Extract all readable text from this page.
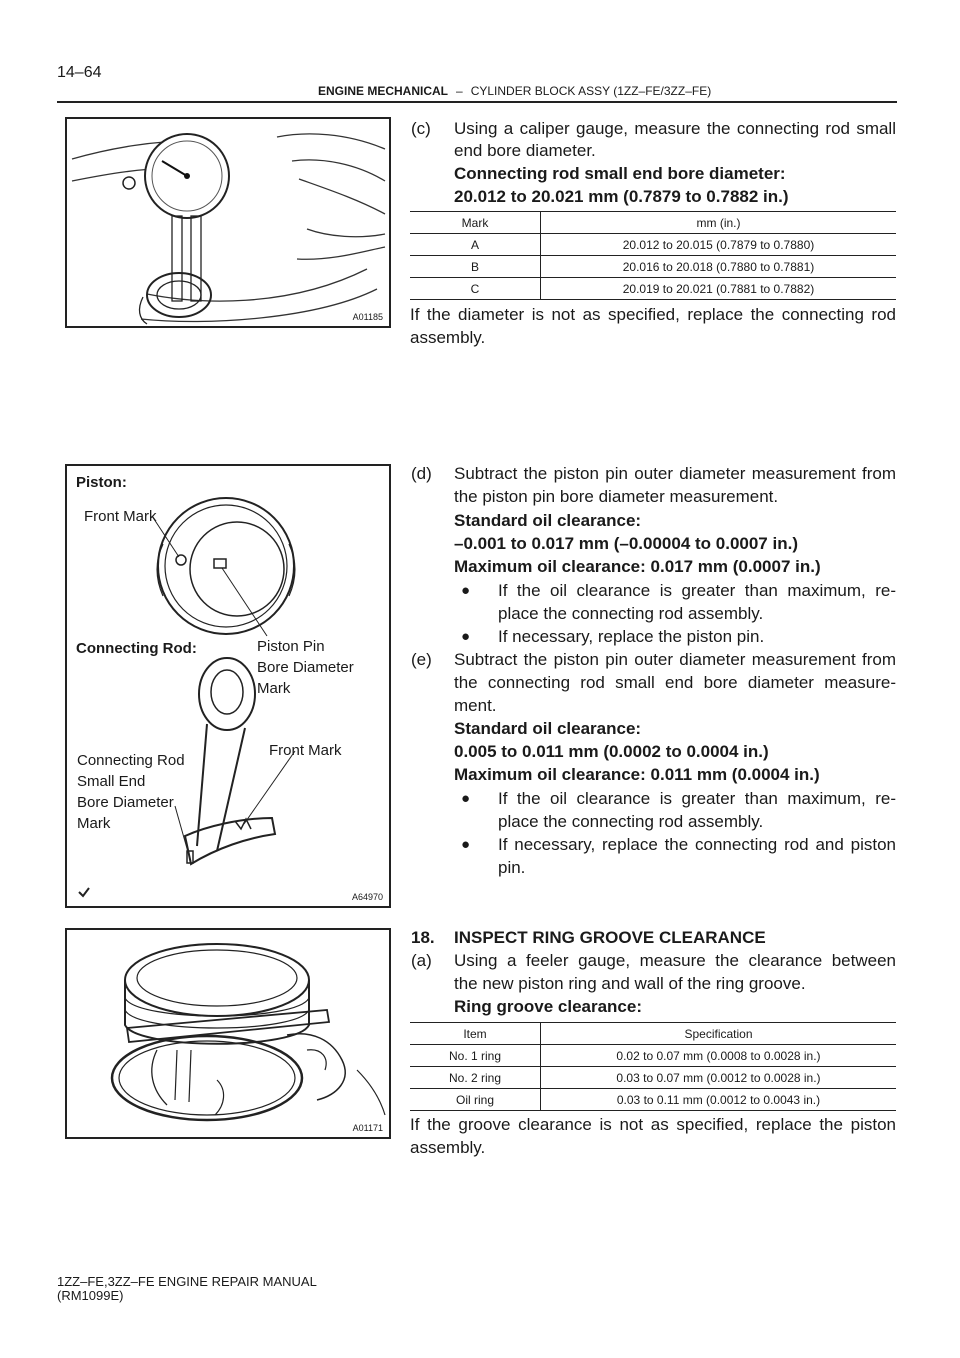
14–64
ENGINE MECHANICAL – CYLINDER BLOCK ASSY (1ZZ–FE/3ZZ–FE)
A01185
(c) Using a caliper gauge, measure the connecting rod small
end bore diameter.
Connecting rod small end bore diameter:
20.012 to 20.021 mm (0.7879 to 0.7882 in.)
Mark	mm (in.)
A	20.012 to 20.015 (0.7879 to 0.7880)
B	20.016 to 20.018 (0.7880 to 0.7881)
C	20.019 to 20.021 (0.7881 to 0.7882)
If the diameter is not as specified, replace the connecting rod
assembly.
Piston:
Front Mark
Connecting Rod:	Piston Pin
Bore Diameter
Mark
Front Mark
Connecting Rod
Small End
Bore Diameter
Mark
A64970
(d) Subtract the piston pin outer diameter measurement from
the piston pin bore diameter measurement.
Standard oil clearance:
–0.001 to 0.017 mm (–0.00004 to 0.0007 in.)
Maximum oil clearance: 0.017 mm (0.0007 in.)
● If the oil clearance is greater than maximum, re-
place the connecting rod assembly.
● If necessary, replace the piston pin.
(e) Subtract the piston pin outer diameter measurement from
the connecting rod small end bore diameter measure-
ment.
Standard oil clearance:
0.005 to 0.011 mm (0.0002 to 0.0004 in.)
Maximum oil clearance: 0.011 mm (0.0004 in.)
● If the oil clearance is greater than maximum, re-
place the connecting rod assembly.
● If necessary, replace the connecting rod and piston
pin.
A01171
18. INSPECT RING GROOVE CLEARANCE
(a) Using a feeler gauge, measure the clearance between
the new piston ring and wall of the ring groove.
Ring groove clearance:
Item	Specification
No. 1 ring	0.02 to 0.07 mm (0.0008 to 0.0028 in.)
No. 2 ring	0.03 to 0.07 mm (0.0012 to 0.0028 in.)
Oil ring	0.03 to 0.11 mm (0.0012 to 0.0043 in.)
If the groove clearance is not as specified, replace the piston
assembly.
1ZZ–FE,3ZZ–FE ENGINE REPAIR MANUAL
(RM1099E)
